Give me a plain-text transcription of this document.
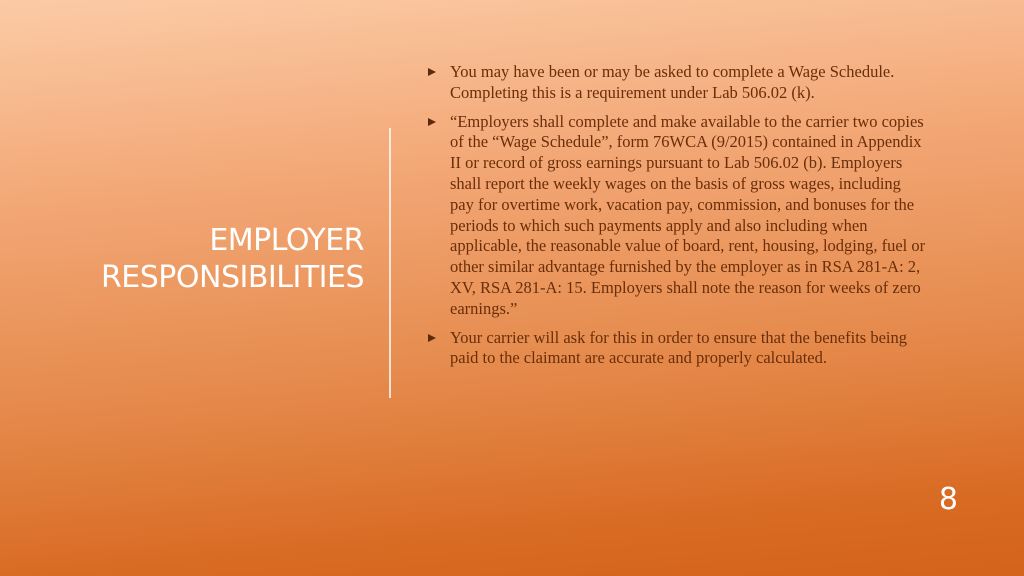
EMPLOYER
RESPONSIBILITIES
You may have been or may be asked to complete a Wage Schedule. Completing this is a requirement under Lab 506.02 (k).
“Employers shall complete and make available to the carrier two copies of the “Wage Schedule”, form 76WCA (9/2015) contained in Appendix II or record of gross earnings pursuant to Lab 506.02 (b). Employers shall report the weekly wages on the basis of gross wages, including pay for overtime work, vacation pay, commission, and bonuses for the periods to which such payments apply and also including when applicable, the reasonable value of board, rent, housing, lodging, fuel or other similar advantage furnished by the employer as in RSA 281-A: 2, XV, RSA 281-A: 15. Employers shall note the reason for weeks of zero earnings.”
Your carrier will ask for this in order to ensure that the benefits being paid to the claimant are accurate and properly calculated.
8
